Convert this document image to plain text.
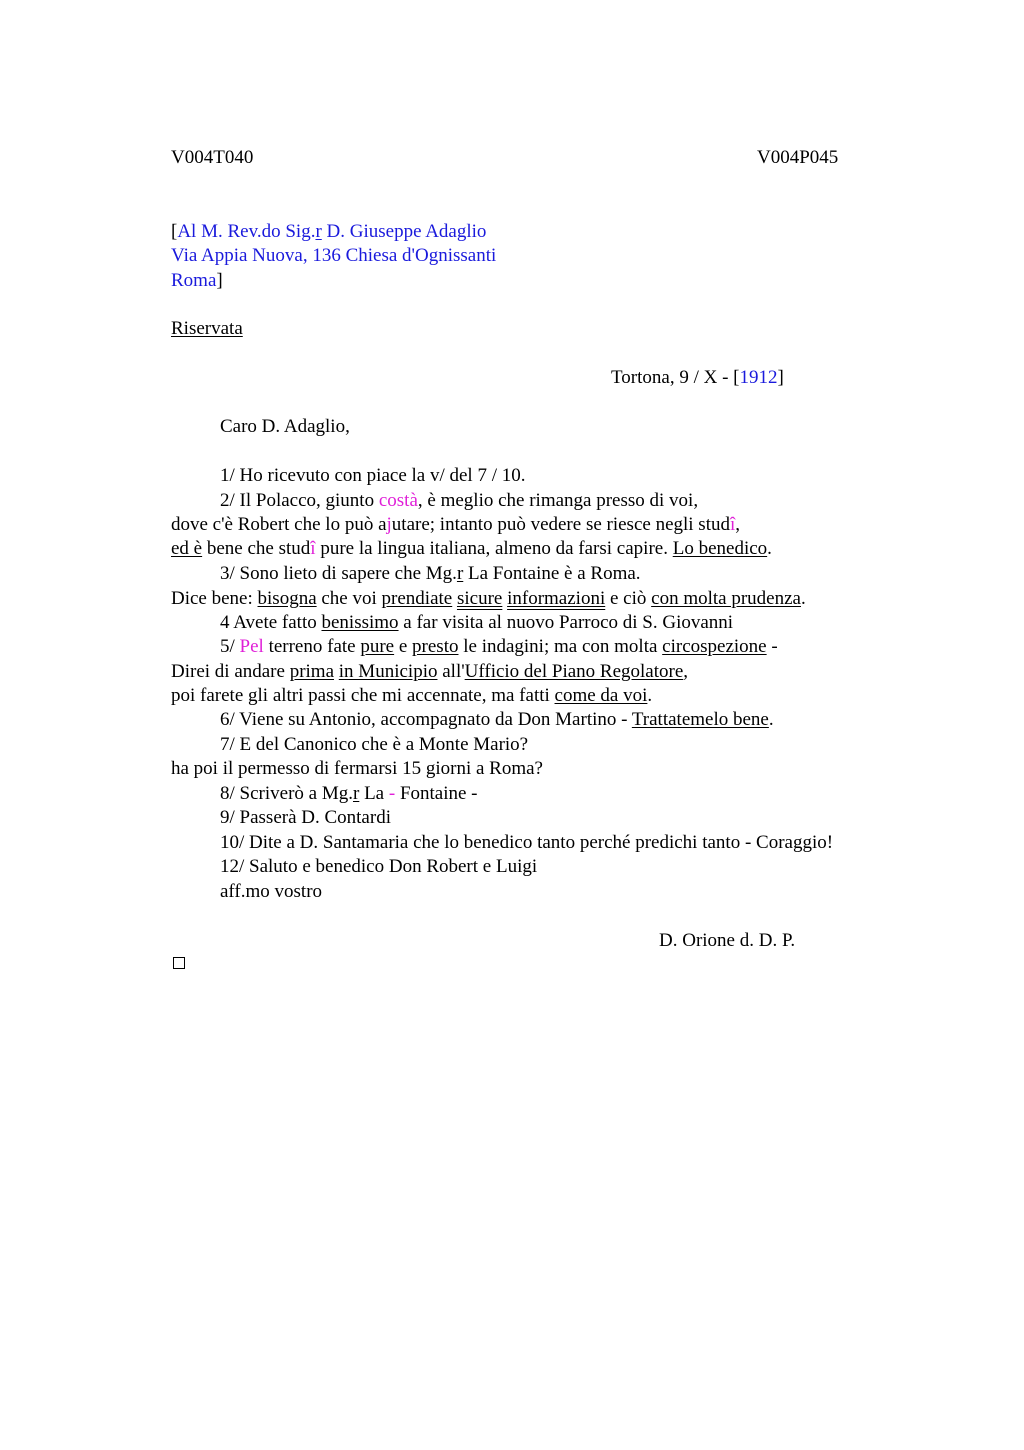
V004T040	V004P045
[Al M. Rev.do Sig.r D. Giuseppe Adaglio
Via Appia Nuova, 136 Chiesa d'Ognissanti
Roma]
Riservata
Tortona, 9 / X - [1912]
Caro D. Adaglio,
1/ Ho ricevuto con piace la v/ del 7 / 10.
2/ Il Polacco, giunto costà, è meglio che rimanga presso di voi,
dove c'è Robert che lo può ajutare; intanto può vedere se riesce negli studî,
ed è bene che studî pure la lingua italiana, almeno da farsi capire. Lo benedico.
3/ Sono lieto di sapere che Mg.r La Fontaine è a Roma.
Dice bene: bisogna che voi prendiate sicure informazioni e ciò con molta prudenza.
4 Avete fatto benissimo a far visita al nuovo Parroco di S. Giovanni
5/ Pel terreno fate pure e presto le indagini; ma con molta circospezione -
Direi di andare prima in Municipio all'Ufficio del Piano Regolatore,
poi farete gli altri passi che mi accennate, ma fatti come da voi.
6/ Viene su Antonio, accompagnato da Don Martino - Trattatemelo bene.
7/ E del Canonico che è a Monte Mario?
ha poi il permesso di fermarsi 15 giorni a Roma?
8/ Scriverò a Mg.r La - Fontaine -
9/ Passerà D. Contardi
10/ Dite a D. Santamaria che lo benedico tanto perché predichi tanto - Coraggio!
12/ Saluto e benedico Don Robert e Luigi
aff.mo vostro
D. Orione d. D. P.
